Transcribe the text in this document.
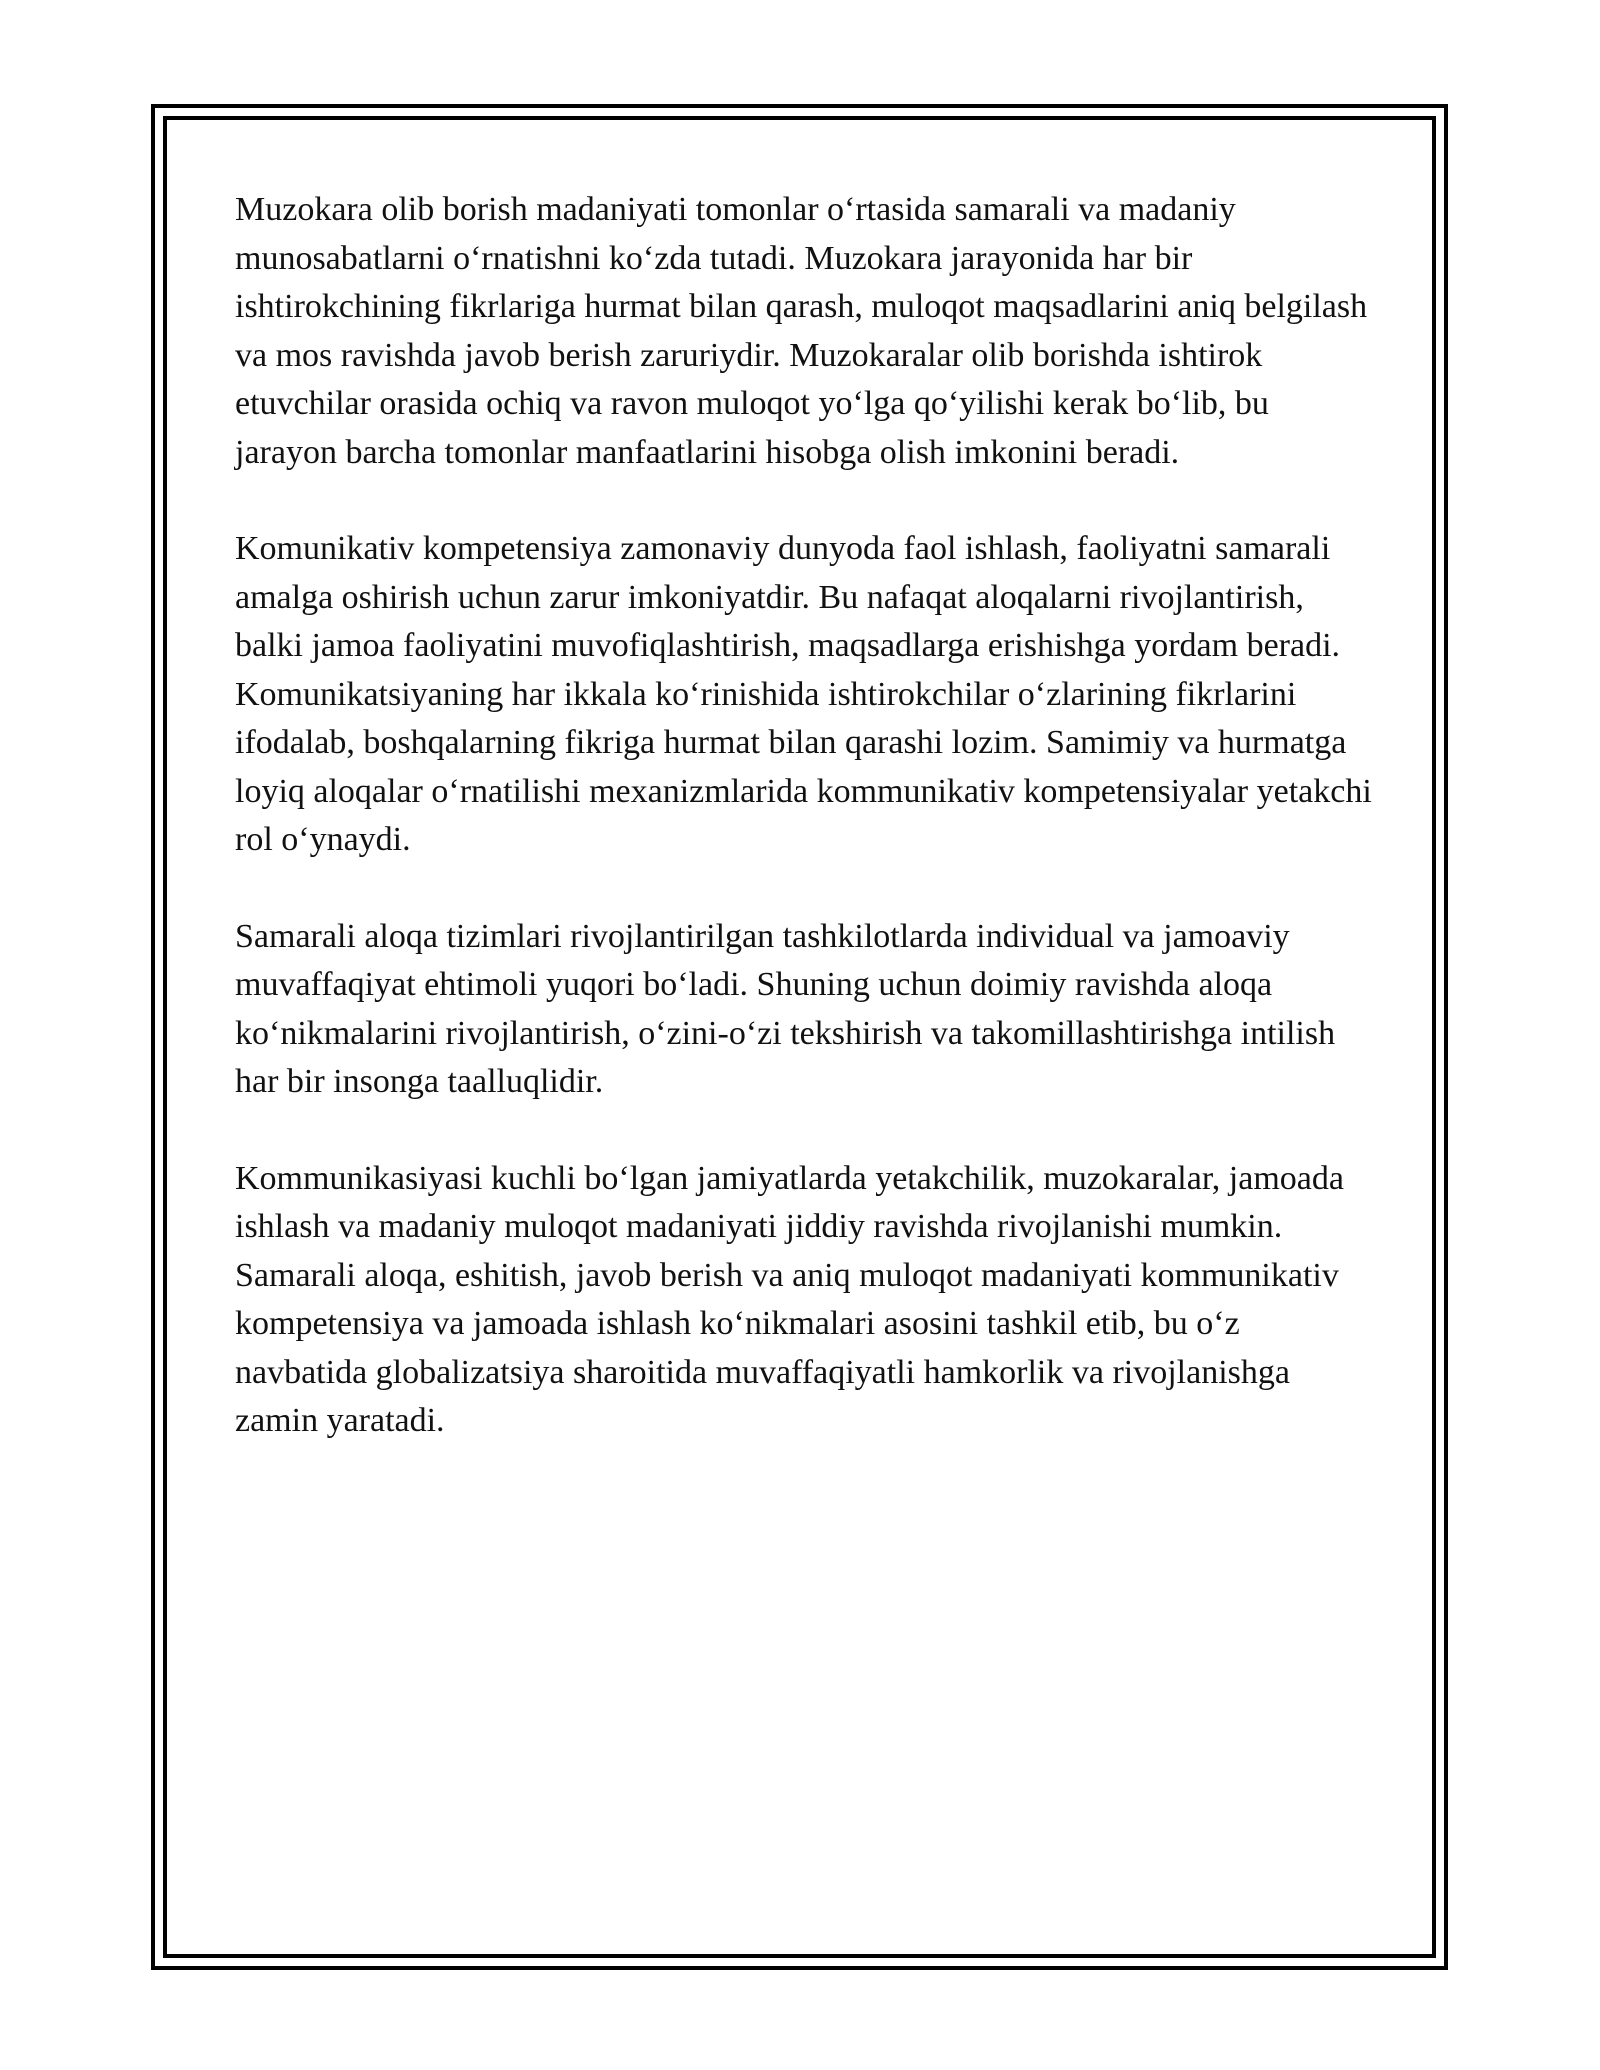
Muzokara olib borish madaniyati tomonlar o‘rtasida samarali va madaniy munosabatlarni o‘rnatishni ko‘zda tutadi. Muzokara jarayonida har bir ishtirokchining fikrlariga hurmat bilan qarash, muloqot maqsadlarini aniq belgilash va mos ravishda javob berish zaruriydir. Muzokaralar olib borishda ishtirok etuvchilar orasida ochiq va ravon muloqot yo‘lga qo‘yilishi kerak bo‘lib, bu jarayon barcha tomonlar manfaatlarini hisobga olish imkonini beradi.

Komunikativ kompetensiya zamonaviy dunyoda faol ishlash, faoliyatni samarali amalga oshirish uchun zarur imkoniyatdir. Bu nafaqat aloqalarni rivojlantirish, balki jamoa faoliyatini muvofiqlashtirish, maqsadlarga erishishga yordam beradi. Komunikatsiyaning har ikkala ko‘rinishida ishtirokchilar o‘zlarining fikrlarini ifodalab, boshqalarning fikriga hurmat bilan qarashi lozim. Samimiy va hurmatga loyiq aloqalar o‘rnatilishi mexanizmlarida kommunikativ kompetensiyalar yetakchi rol o‘ynaydi.

Samarali aloqa tizimlari rivojlantirilgan tashkilotlarda individual va jamoaviy muvaffaqiyat ehtimoli yuqori bo‘ladi. Shuning uchun doimiy ravishda aloqa ko‘nikmalarini rivojlantirish, o‘zini-o‘zi tekshirish va takomillashtirishga intilish har bir insonga taalluqlidir.

Kommunikasiyasi kuchli bo‘lgan jamiyatlarda yetakchilik, muzokaralar, jamoada ishlash va madaniy muloqot madaniyati jiddiy ravishda rivojlanishi mumkin. Samarali aloqa, eshitish, javob berish va aniq muloqot madaniyati kommunikativ kompetensiya va jamoada ishlash ko‘nikmalari asosini tashkil etib, bu o‘z navbatida globalizatsiya sharoitida muvaffaqiyatli hamkorlik va rivojlanishga zamin yaratadi.
